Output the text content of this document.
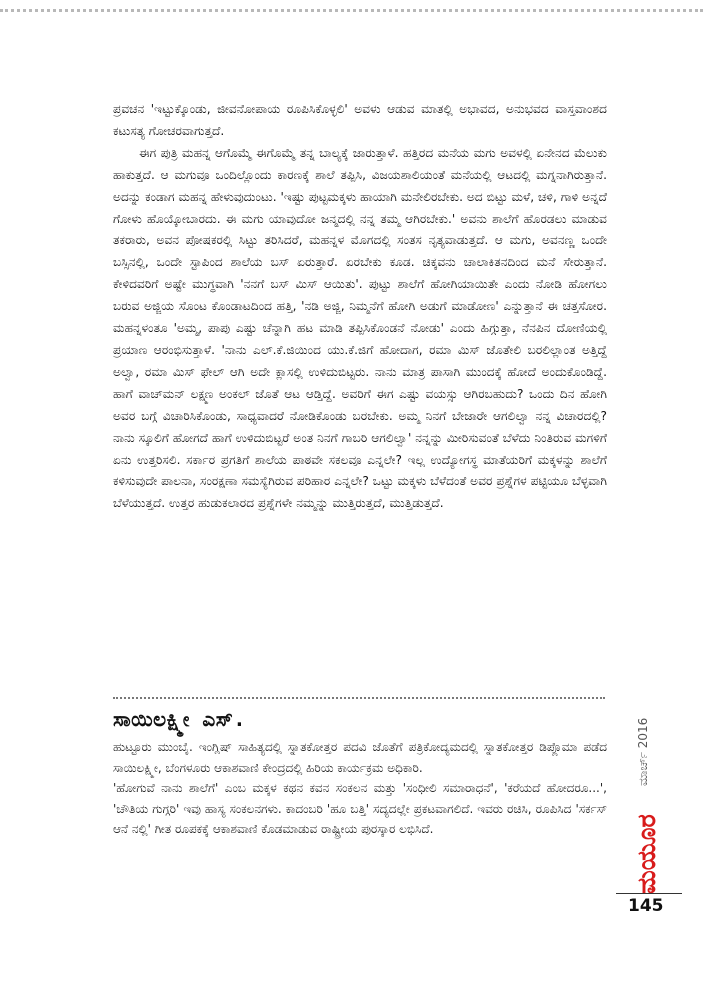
ಪ್ರವಚನ 'ಇಟ್ಟುಕ್ಕೊಂಡು, ಜೀವನೋಪಾಯ ರೂಪಿಸಿಕೊಳ್ಳಲಿ' ಅವಳು ಆಡುವ ಮಾತಲ್ಲಿ ಅಭಾವದ, ಅನುಭವದ ವಾಸ್ತವಾಂಶದ ಕಟುಸತ್ಯ ಗೋಚರವಾಗುತ್ತದೆ.

ಈಗ ಪುತ್ರಿ ಮಹನ್ನ ಆಗೊಮ್ಮೆ ಈಗೊಮ್ಮೆ ತನ್ನ ಬಾಲ್ಯಕ್ಕೆ ಜಾರುತ್ತಾಳೆ. ಹತ್ತಿರದ ಮನೆಯ ಮಗು ಅವಳಲ್ಲಿ ಏನೇನದ ಮೆಲುಕು ಹಾಕುತ್ತದೆ. ಆ ಮಗುವೂ ಒಂದಿಲ್ಲೊಂದು ಕಾರಣಕ್ಕೆ ಶಾಲೆ ತಪ್ಪಿಸಿ, ವಿಜಯಶಾಲಿಯಂತೆ ಮನೆಯಲ್ಲಿ ಆಟದಲ್ಲಿ ಮಗ್ನನಾಗಿರುತ್ತಾನೆ. ಅದನ್ನು ಕಂಡಾಗ ಮಹನ್ನ ಹೇಳುವುದುಂಟು. 'ಇಷ್ಟು ಪುಟ್ಟಮಕ್ಕಳು ಹಾಯಾಗಿ ಮನೇಲಿರಬೇಕು. ಅದ ಬಿಟ್ಟು ಮಳೆ, ಚಳಿ, ಗಾಳಿ ಅನ್ನದೆ ಗೋಳು ಹೊಯ್ಕೋಬಾರದು. ಈ ಮಗು ಯಾವುದೋ ಜನ್ಮದಲ್ಲಿ ನನ್ನ ತಮ್ಮ ಆಗಿರಬೇಕು.' ಅವನು ಶಾಲೆಗೆ ಹೊರಡಲು ಮಾಡುವ ತಕರಾರು, ಅವನ ಪೋಷಕರಲ್ಲಿ ಸಿಟ್ಟು ತರಿಸಿದರೆ, ಮಹನ್ನಳ ಮೊಗದಲ್ಲಿ ಸಂತಸ ನೃತ್ಯವಾಡುತ್ತದೆ. ಆ ಮಗು, ಅವನಣ್ಣ ಒಂದೇ ಬಸ್ಸಿನಲ್ಲಿ, ಒಂದೇ ಸ್ಟಾಪಿಂದ ಶಾಲೆಯ ಬಸ್ ಏರುತ್ತಾರೆ. ಏರಬೇಕು ಕೂಡ. ಚಿಕ್ಕವನು ಚಾಲಾಕಿತನದಿಂದ ಮನೆ ಸೇರುತ್ತಾನೆ. ಕೇಳಿದವರಿಗೆ ಅಷ್ಟೇ ಮುಗ್ಧವಾಗಿ 'ನನಗೆ ಬಸ್ ಮಿಸ್ ಆಯಿತು'. ಪುಟ್ಟು ಶಾಲೆಗೆ ಹೋಗಿಯಾಯಿತೇ ಎಂದು ನೋಡಿ ಹೋಗಲು ಬರುವ ಅಜ್ಜಿಯ ಸೊಂಟ ಕೊಂಡಾಟದಿಂದ ಹತ್ತಿ, 'ನಡಿ ಅಜ್ಜಿ, ನಿಮ್ಮನೆಗೆ ಹೋಗಿ ಅಡುಗೆ ಮಾಡೋಣ' ಎನ್ನುತ್ತಾನೆ ಈ ಚತ್ತಸೋರ. ಮಹನ್ನಳಂತೂ 'ಅಮ್ಮ, ಪಾಪು ಎಷ್ಟು ಚೆನ್ನಾಗಿ ಹಟ ಮಾಡಿ ತಪ್ಪಿಸಿಕೊಂಡನೆ ನೋಡು' ಎಂದು ಹಿಗ್ಗುತ್ತಾ, ನೆನಪಿನ ದೋಣಿಯಲ್ಲಿ ಪ್ರಯಾಣ ಆರಂಭಿಸುತ್ತಾಳೆ. 'ನಾನು ಎಲ್.ಕೆ.ಜಿಯಿಂದ ಯು.ಕೆ.ಜಿಗೆ ಹೋದಾಗ, ರಮಾ ಮಿಸ್ ಜೊತೇಲಿ ಬರಲಿಲ್ಲಾಂತ ಅತ್ತಿದ್ದೆ ಅಲ್ವಾ, ರಮಾ ಮಿಸ್ ಫೇಲ್ ಆಗಿ ಅದೇ ಕ್ಲಾಸಲ್ಲಿ ಉಳಿದುಬಿಟ್ಟರು. ನಾನು ಮಾತ್ರ ಪಾಸಾಗಿ ಮುಂದಕ್ಕೆ ಹೋದೆ ಅಂದುಕೊಂಡಿದ್ದೆ. ಹಾಗೆ ವಾಚ್‌ಮನ್ ಲಕ್ಷ್ಮಣ ಅಂಕಲ್ ಜೊತೆ ಆಟ ಆಡ್ತಿದ್ದೆ. ಅವರಿಗೆ ಈಗ ಎಷ್ಟು ವಯಸ್ಸು ಆಗಿರಬಹುದು? ಒಂದು ದಿನ ಹೋಗಿ ಅವರ ಬಗ್ಗೆ ವಿಚಾರಿಸಿಕೊಂಡು, ಸಾಧ್ಯವಾದರೆ ನೋಡಿಕೊಂಡು ಬರಬೇಕು. ಅಮ್ಮ ನಿನಗೆ ಬೇಜಾರೇ ಆಗಲಿಲ್ವಾ ನನ್ನ ವಿಚಾರದಲ್ಲಿ? ನಾನು ಸ್ಕೂಲಿಗೆ ಹೋಗದೆ ಹಾಗೆ ಉಳಿದುಬಿಟ್ಟರೆ ಅಂತ ನಿನಗೆ ಗಾಬರಿ ಆಗಲಿಲ್ವಾ' ನನ್ನನ್ನು ಮೀರಿಸುವಂತೆ ಬೆಳೆದು ನಿಂತಿರುವ ಮಗಳಿಗೆ ಏನು ಉತ್ತರಿಸಲಿ. ಸರ್ಕಾರ ಪ್ರಗತಿಗೆ ಶಾಲೆಯ ಪಾಠವೇ ಸಕಲವೂ ಎನ್ನಲೇ? ಇಲ್ಲ ಉದ್ಯೋಗಸ್ಥ ಮಾತೆಯರಿಗೆ ಮಕ್ಕಳನ್ನು ಶಾಲೆಗೆ ಕಳಿಸುವುದೇ ಪಾಲನಾ, ಸಂರಕ್ಷಣಾ ಸಮಸ್ಯೆಗಿರುವ ಪರಿಹಾರ ಎನ್ನಲೇ? ಒಟ್ಟು ಮಕ್ಕಳು ಬೆಳೆದಂತೆ ಅವರ ಪ್ರಶ್ನೆಗಳ ಪಟ್ಟಿಯೂ ಬೆಳ್ಳವಾಗಿ ಬೆಳೆಯುತ್ತದೆ. ಉತ್ತರ ಹುಡುಕಲಾರದ ಪ್ರಶ್ನೆಗಳೇ ನಮ್ಮನ್ನು ಮುತ್ತಿರುತ್ತದೆ, ಮುತ್ತಿಡುತ್ತದೆ.

ಸಾಯಿಲಕ್ಷ್ಮೀ ಎಸ್.

ಹುಟ್ಟೂರು ಮುಂಬೈ. ಇಂಗ್ಲಿಷ್ ಸಾಹಿತ್ಯದಲ್ಲಿ ಸ್ನಾತಕೋತ್ತರ ಪದವಿ ಜೊತೆಗೆ ಪತ್ರಿಕೋದ್ಯಮದಲ್ಲಿ ಸ್ನಾತಕೋತ್ತರ ಡಿಪ್ಲೊಮಾ ಪಡೆದ ಸಾಯಿಲಕ್ಷ್ಮೀ, ಬೆಂಗಳೂರು ಆಕಾಶವಾಣಿ ಕೇಂದ್ರದಲ್ಲಿ ಹಿರಿಯ ಕಾರ್ಯಕ್ರಮ ಅಧಿಕಾರಿ.

'ಹೋಗುವೆ ನಾನು ಶಾಲೆಗೆ' ಎಂಬ ಮಕ್ಕಳ ಕಥನ ಕವನ ಸಂಕಲನ ಮತ್ತು 'ಸಂಧೀಲಿ ಸಮಾರಾಧನೆ', 'ಕರೆಯದೆ ಹೋದರೂ...', 'ಚೌತಿಯ ಗುಗ್ಗರಿ' ಇವು ಹಾಸ್ಯ ಸಂಕಲನಗಳು. ಕಾದಂಬರಿ 'ಹೂ ಬತ್ತಿ' ಸದ್ಯದಲ್ಲೇ ಪ್ರಕಟವಾಗಲಿದೆ. ಇವರು ರಚಿಸಿ, ರೂಪಿಸಿದ 'ಸರ್ಕಸ್ ಆನೆ ನಲ್ಲಿ' ಗೀತ ರೂಪಕಕ್ಕೆ ಆಕಾಶವಾಣಿ ಕೊಡಮಾಡುವ ರಾಷ್ಟ್ರೀಯ ಪುರಸ್ಕಾರ ಲಭಿಸಿದೆ.

ಮಾರ್ಚ್ 2016
ಮಯೂರ
145
